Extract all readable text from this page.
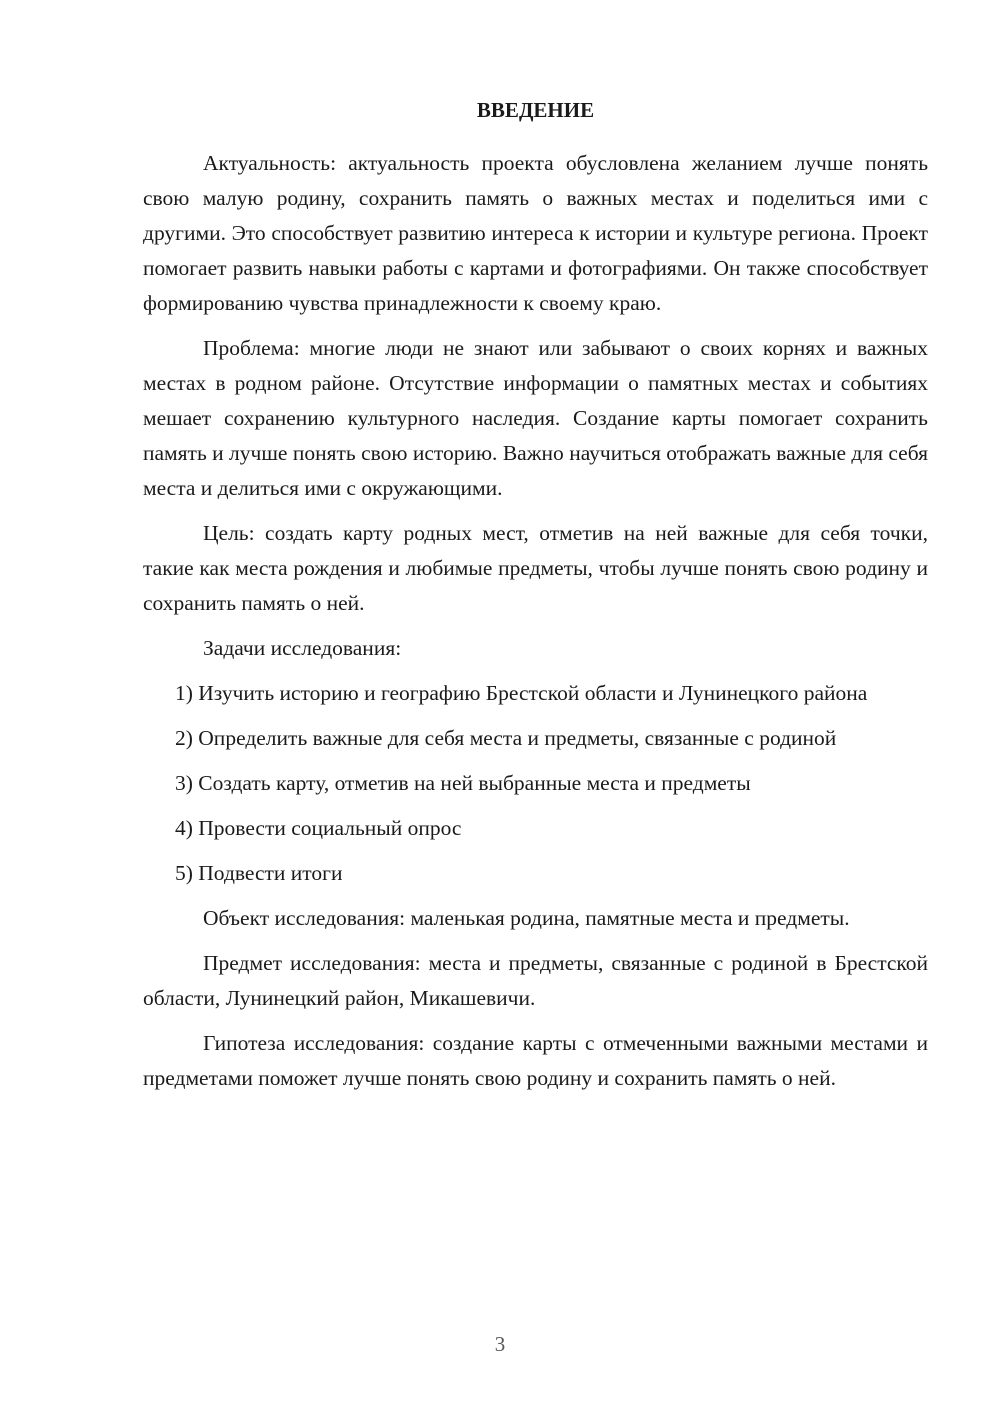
ВВЕДЕНИЕ

Актуальность: актуальность проекта обусловлена желанием лучше понять свою малую родину, сохранить память о важных местах и поделиться ими с другими. Это способствует развитию интереса к истории и культуре региона. Проект помогает развить навыки работы с картами и фотографиями. Он также способствует формированию чувства принадлежности к своему краю.

Проблема: многие люди не знают или забывают о своих корнях и важных местах в родном районе. Отсутствие информации о памятных местах и событиях мешает сохранению культурного наследия. Создание карты помогает сохранить память и лучше понять свою историю. Важно научиться отображать важные для себя места и делиться ими с окружающими.

Цель: создать карту родных мест, отметив на ней важные для себя точки, такие как места рождения и любимые предметы, чтобы лучше понять свою родину и сохранить память о ней.

Задачи исследования:

1) Изучить историю и географию Брестской области и Лунинецкого района

2) Определить важные для себя места и предметы, связанные с родиной

3) Создать карту, отметив на ней выбранные места и предметы

4) Провести социальный опрос

5) Подвести итоги

Объект исследования: маленькая родина, памятные места и предметы.

Предмет исследования: места и предметы, связанные с родиной в Брестской области, Лунинецкий район, Микашевичи.

Гипотеза исследования: создание карты с отмеченными важными местами и предметами поможет лучше понять свою родину и сохранить память о ней.

3
